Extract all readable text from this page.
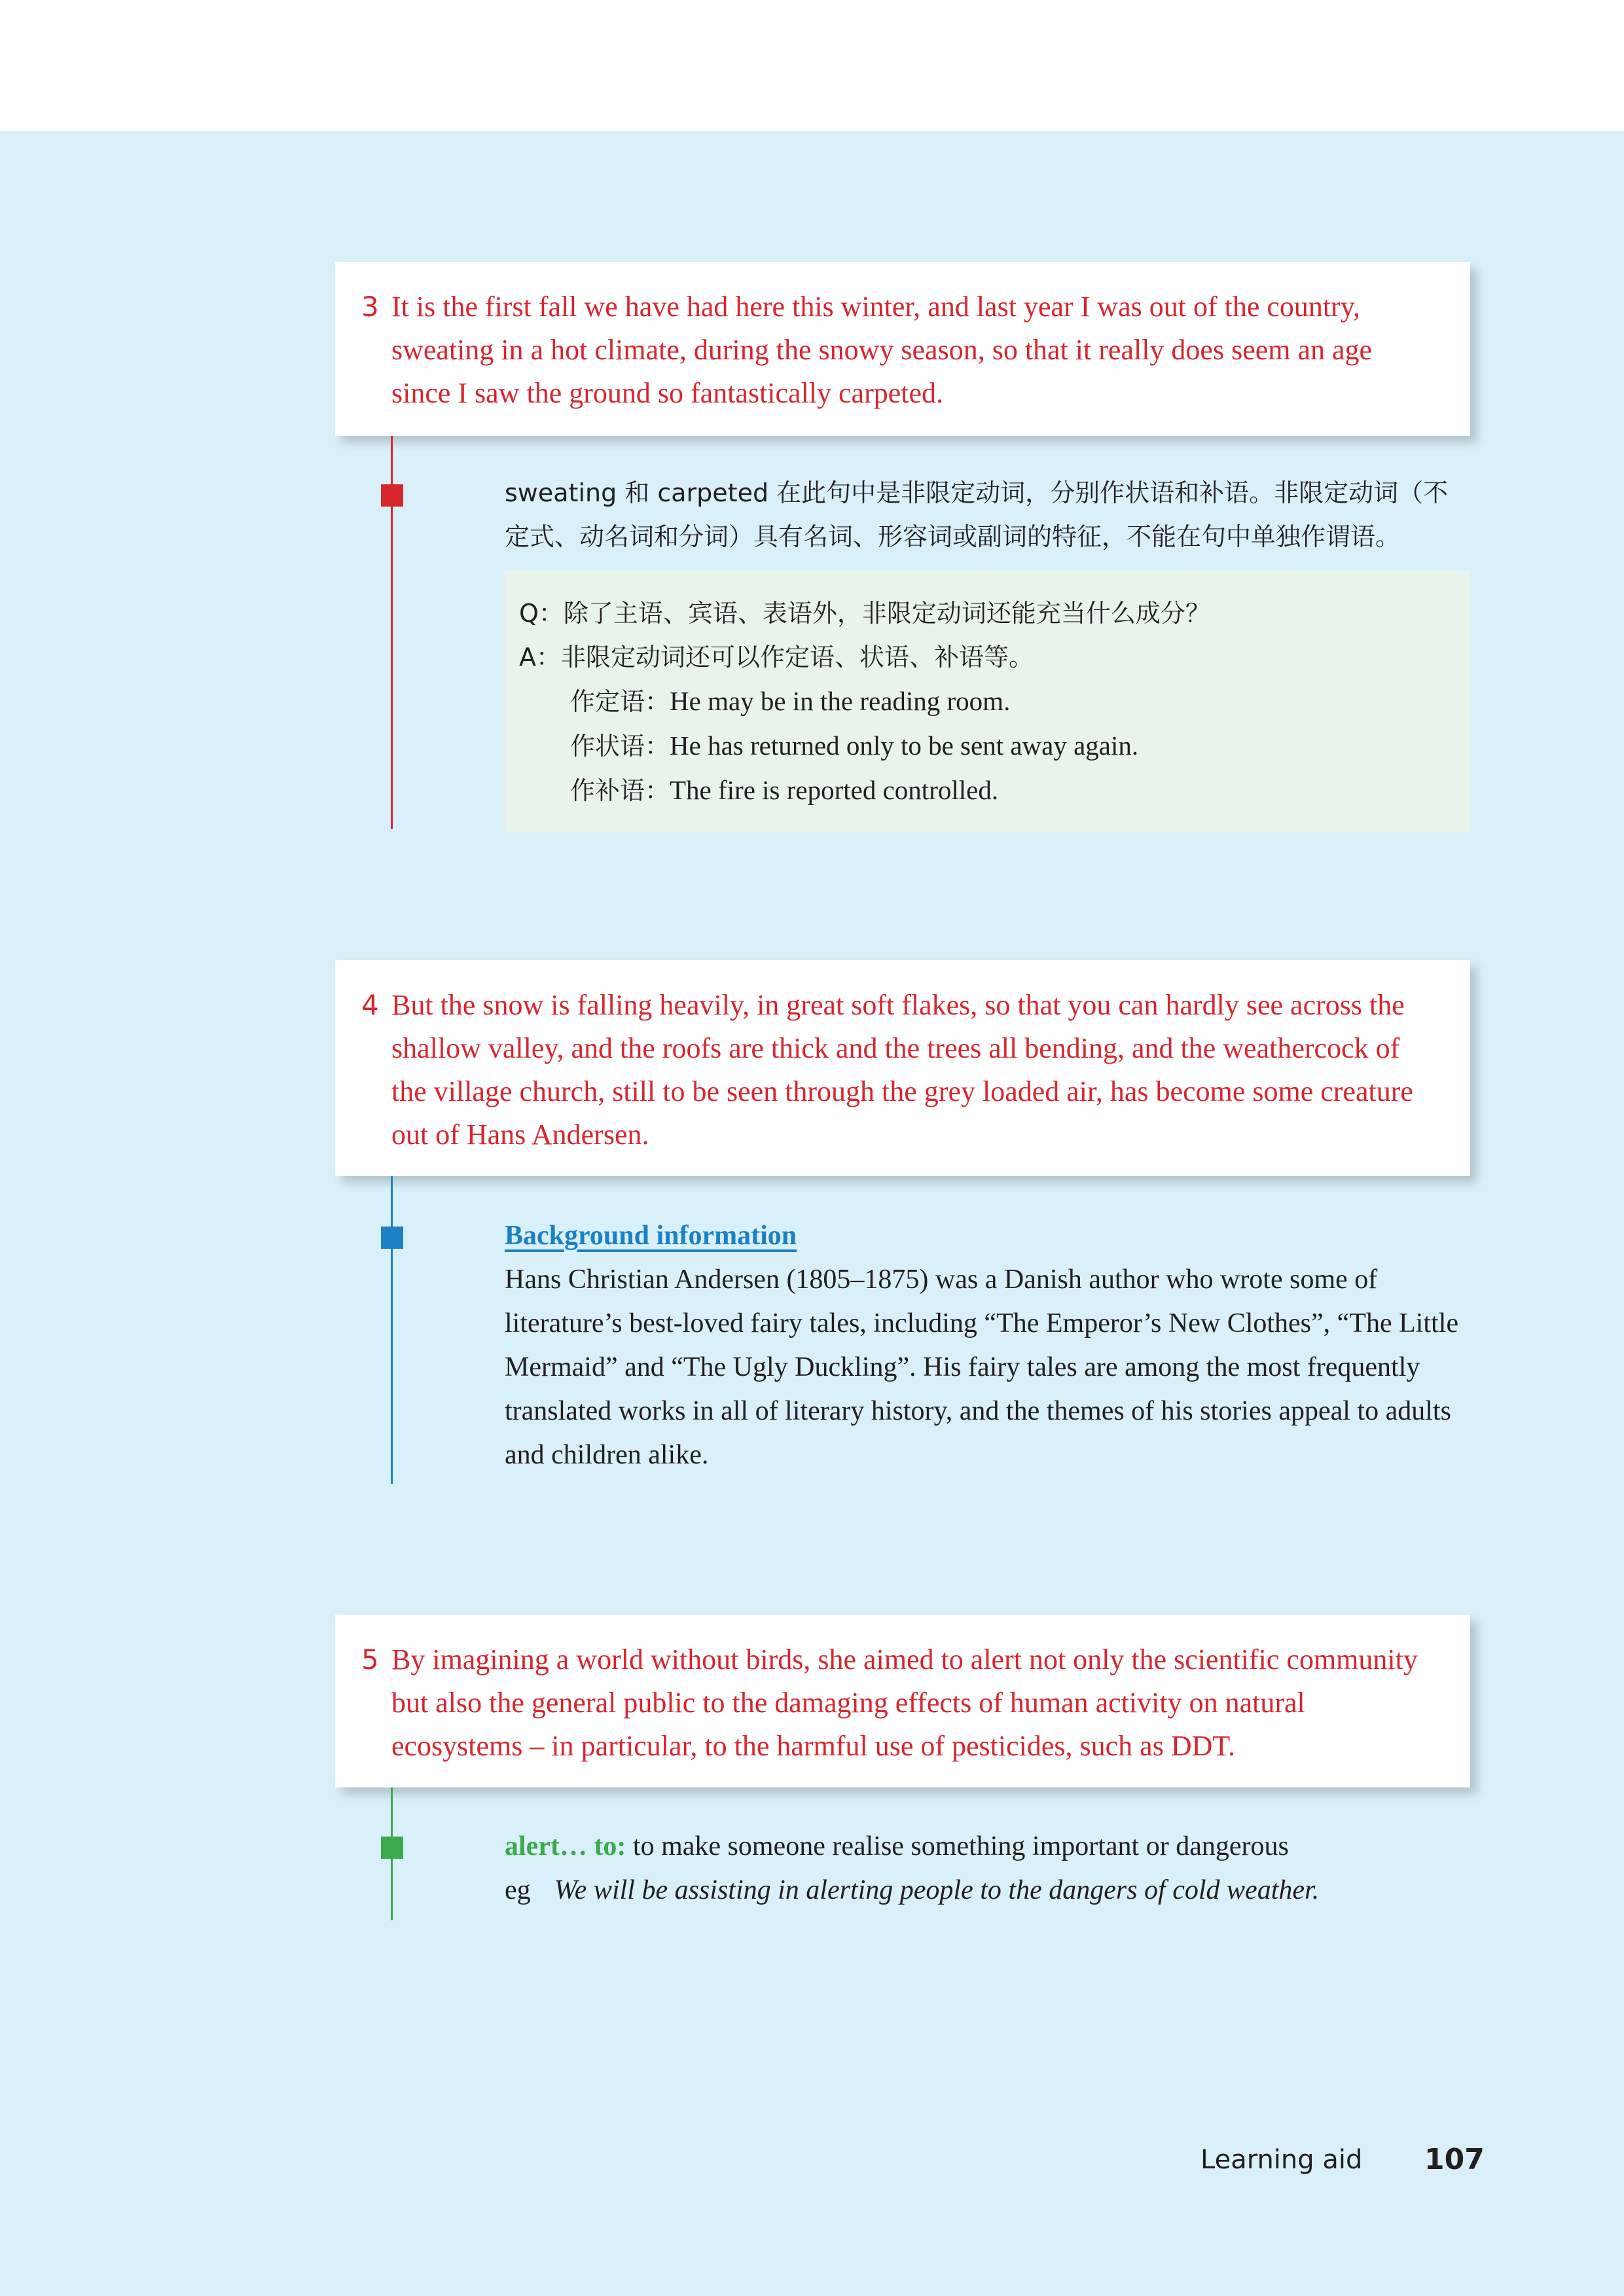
3 It is the first fall we have had here this winter, and last year I was out of the country, sweating in a hot climate, during the snowy season, so that it really does seem an age since I saw the ground so fantastically carpeted.
sweating 和 carpeted 在此句中是非限定动词，分别作状语和补语。非限定动词（不定式、动名词和分词）具有名词、形容词或副词的特征，不能在句中单独作谓语。
Q：除了主语、宾语、表语外，非限定动词还能充当什么成分？
A：非限定动词还可以作定语、状语、补语等。
作定语：He may be in the reading room.
作状语：He has returned only to be sent away again.
作补语：The fire is reported controlled.
4 But the snow is falling heavily, in great soft flakes, so that you can hardly see across the shallow valley, and the roofs are thick and the trees all bending, and the weathercock of the village church, still to be seen through the grey loaded air, has become some creature out of Hans Andersen.
Background information
Hans Christian Andersen (1805–1875) was a Danish author who wrote some of literature’s best-loved fairy tales, including “The Emperor’s New Clothes”, “The Little Mermaid” and “The Ugly Duckling”. His fairy tales are among the most frequently translated works in all of literary history, and the themes of his stories appeal to adults and children alike.
5 By imagining a world without birds, she aimed to alert not only the scientific community but also the general public to the damaging effects of human activity on natural ecosystems – in particular, to the harmful use of pesticides, such as DDT.
alert… to: to make someone realise something important or dangerous
eg We will be assisting in alerting people to the dangers of cold weather.
Learning aid 107
